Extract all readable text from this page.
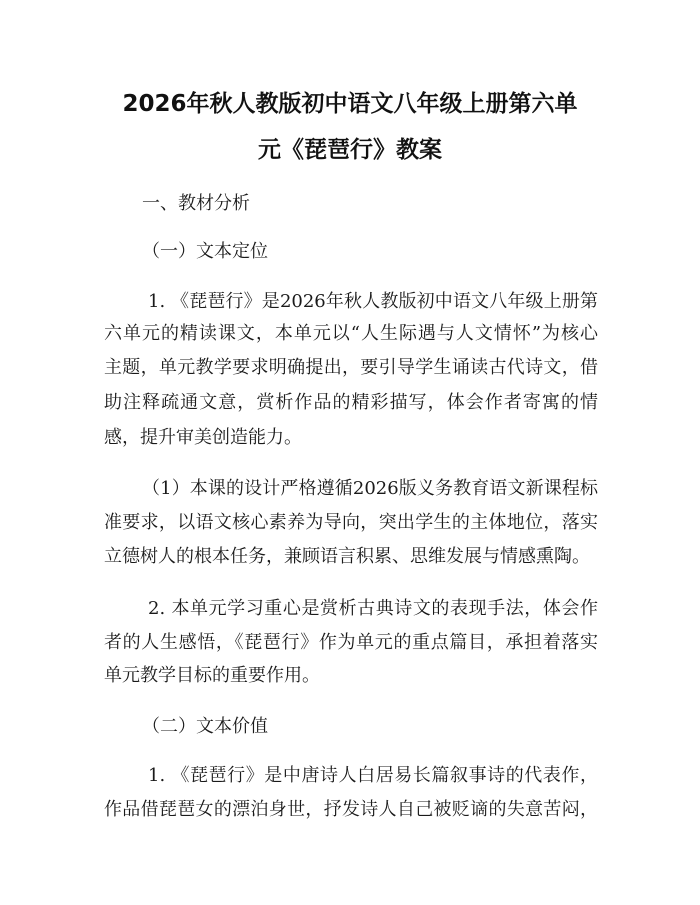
2026年秋人教版初中语文八年级上册第六单
元《琵琶行》教案
一、教材分析
（一）文本定位
1. 《琵琶行》是2026年秋人教版初中语文八年级上册第
六单元的精读课文，本单元以“人生际遇与人文情怀”为核心
主题，单元教学要求明确提出，要引导学生诵读古代诗文，借
助注释疏通文意，赏析作品的精彩描写，体会作者寄寓的情
感，提升审美创造能力。
（1）本课的设计严格遵循2026版义务教育语文新课程标
准要求，以语文核心素养为导向，突出学生的主体地位，落实
立德树人的根本任务，兼顾语言积累、思维发展与情感熏陶。
2. 本单元学习重心是赏析古典诗文的表现手法，体会作
者的人生感悟，《琵琶行》作为单元的重点篇目，承担着落实
单元教学目标的重要作用。
（二）文本价值
1. 《琵琶行》是中唐诗人白居易长篇叙事诗的代表作，
作品借琵琶女的漂泊身世，抒发诗人自己被贬谪的失意苦闷，
